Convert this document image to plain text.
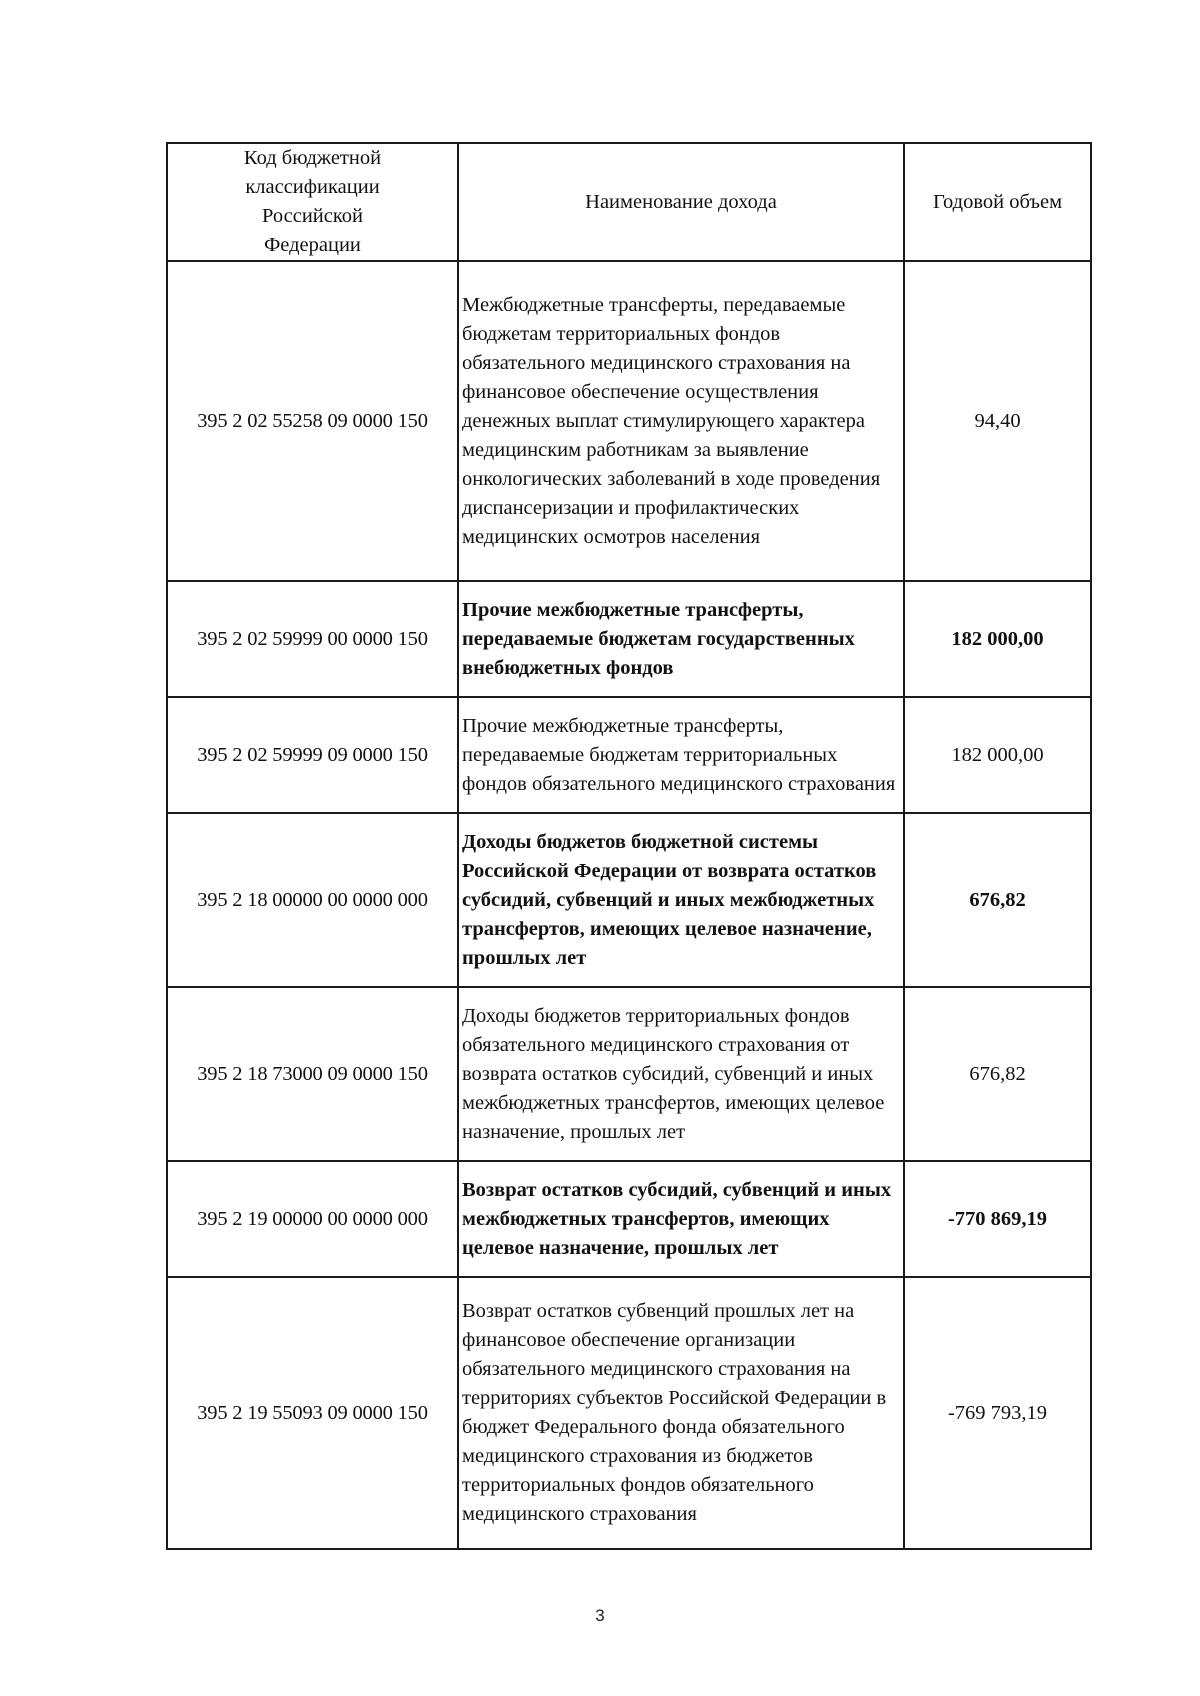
Код бюджетной классификации Российской Федерации	Наименование дохода	Годовой объем
395 2 02 55258 09 0000 150	Межбюджетные трансферты, передаваемые бюджетам территориальных фондов обязательного медицинского страхования на финансовое обеспечение осуществления денежных выплат стимулирующего характера медицинским работникам за выявление онкологических заболеваний в ходе проведения диспансеризации и профилактических медицинских осмотров населения	94,40
395 2 02 59999 00 0000 150	Прочие межбюджетные трансферты, передаваемые бюджетам государственных внебюджетных фондов	182 000,00
395 2 02 59999 09 0000 150	Прочие межбюджетные трансферты, передаваемые бюджетам территориальных фондов обязательного медицинского страхования	182 000,00
395 2 18 00000 00 0000 000	Доходы бюджетов бюджетной системы Российской Федерации от возврата остатков субсидий, субвенций и иных межбюджетных трансфертов, имеющих целевое назначение, прошлых лет	676,82
395 2 18 73000 09 0000 150	Доходы бюджетов территориальных фондов обязательного медицинского страхования от возврата остатков субсидий, субвенций и иных межбюджетных трансфертов, имеющих целевое назначение, прошлых лет	676,82
395 2 19 00000 00 0000 000	Возврат остатков субсидий, субвенций и иных межбюджетных трансфертов, имеющих целевое назначение, прошлых лет	-770 869,19
395 2 19 55093 09 0000 150	Возврат остатков субвенций прошлых лет на финансовое обеспечение организации обязательного медицинского страхования на территориях субъектов Российской Федерации в бюджет Федерального фонда обязательного медицинского страхования из бюджетов территориальных фондов обязательного медицинского страхования	-769 793,19
3
